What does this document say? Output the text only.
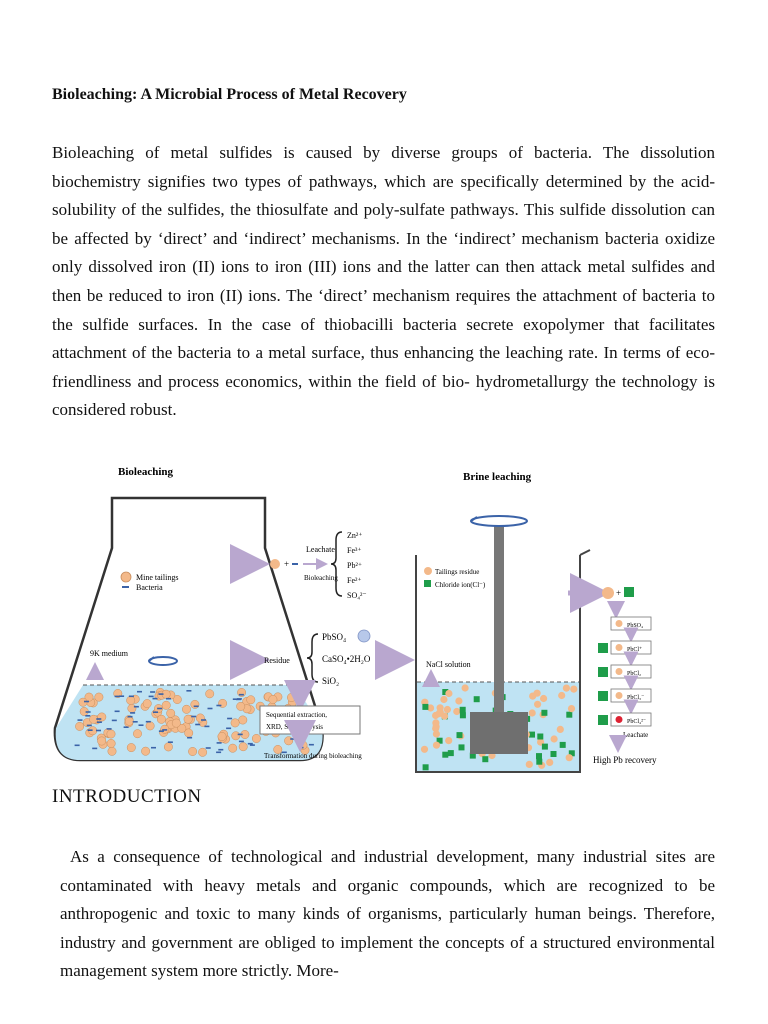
Bioleaching: A Microbial Process of Metal Recovery

Bioleaching of metal sulfides is caused by diverse groups of bacteria. The dissolution biochemistry signifies two types of pathways, which are specifically determined by the acid-solubility of the sulfides, the thiosulfate and poly-sulfate pathways. This sulfide dissolution can be affected by ‘direct’ and ‘indirect’ mechanisms. In the ‘indirect’ mechanism bacteria oxidize only dissolved iron (II) ions to iron (III) ions and the latter can then attack metal sulfides and then be reduced to iron (II) ions. The ‘direct’ mechanism requires the attachment of bacteria to the sulfide surfaces. In the case of thiobacilli bacteria secrete exopolymer that facilitates attachment of the bacteria to a metal surface, thus enhancing the leaching rate. In terms of eco-friendliness and process economics, within the field of bio- hydrometallurgy the technology is considered robust.

Bioleaching
Mine tailings
Bacteria
9K medium
+
Leachate
Bioleaching
Zn²⁺ Fe³⁺ Pb²⁺ Fe²⁺ SO₄²⁻
Residue
PbSO₄ CaSO₄•2H₂O SiO₂
Sequential extraction,
XRD, SEM analysis
Transformation during bioleaching
Brine leaching
Tailings residue
Chloride ion(Cl⁻)
NaCl solution
+
PbSO₄
PbCl⁺
PbCl₂
PbCl₃⁻
PbCl₄²⁻
Leachate
High Pb recovery
INTRODUCTION

As a consequence of technological and industrial development, many industrial sites are contaminated with heavy metals and organic compounds, which are recognized to be anthropogenic and toxic to many kinds of organisms, particularly human beings. Therefore, industry and government are obliged to implement the concepts of a structured environmental management system more strictly. More-
